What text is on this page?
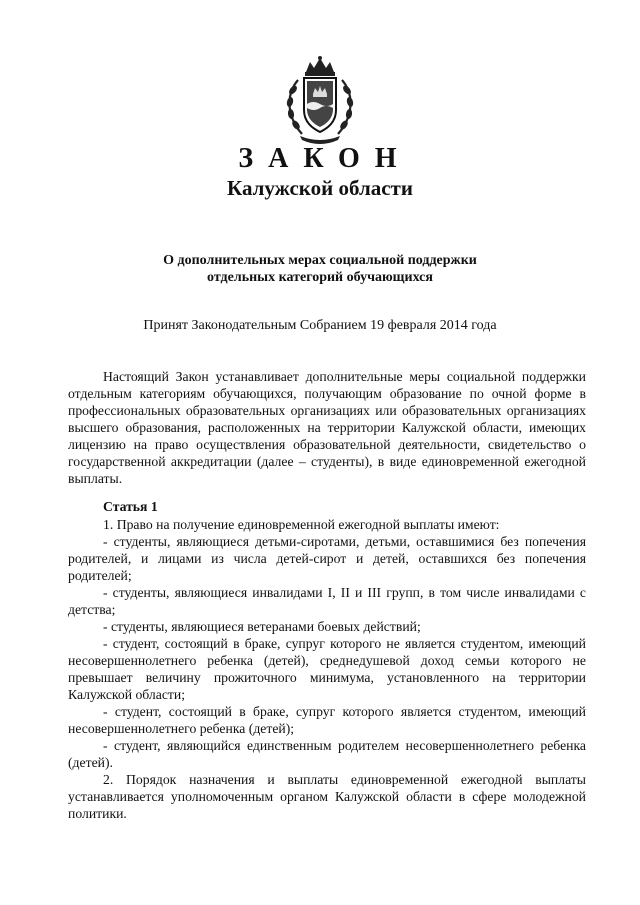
ЗАКОН
Калужской области
О дополнительных мерах социальной поддержки
отдельных категорий обучающихся
Принят Законодательным Собранием 19 февраля 2014 года

Настоящий Закон устанавливает дополнительные меры социальной поддержки отдельным категориям обучающихся, получающим образование по очной форме в профессиональных образовательных организациях или образовательных организациях высшего образования, расположенных на территории Калужской области, имеющих лицензию на право осуществления образовательной деятельности, свидетельство о государственной аккредитации (далее – студенты), в виде единовременной ежегодной выплаты.

Статья 1

1. Право на получение единовременной ежегодной выплаты имеют:

- студенты, являющиеся детьми-сиротами, детьми, оставшимися без попечения родителей, и лицами из числа детей-сирот и детей, оставшихся без попечения родителей;

- студенты, являющиеся инвалидами I, II и III групп, в том числе инвалидами с детства;

- студенты, являющиеся ветеранами боевых действий;

- студент, состоящий в браке, супруг которого не является студентом, имеющий несовершеннолетнего ребенка (детей), среднедушевой доход семьи которого не превышает величину прожиточного минимума, установленного на территории Калужской области;

- студент, состоящий в браке, супруг которого является студентом, имеющий несовершеннолетнего ребенка (детей);

- студент, являющийся единственным родителем несовершеннолетнего ребенка (детей).

2. Порядок назначения и выплаты единовременной ежегодной выплаты устанавливается уполномоченным органом Калужской области в сфере молодежной политики.
